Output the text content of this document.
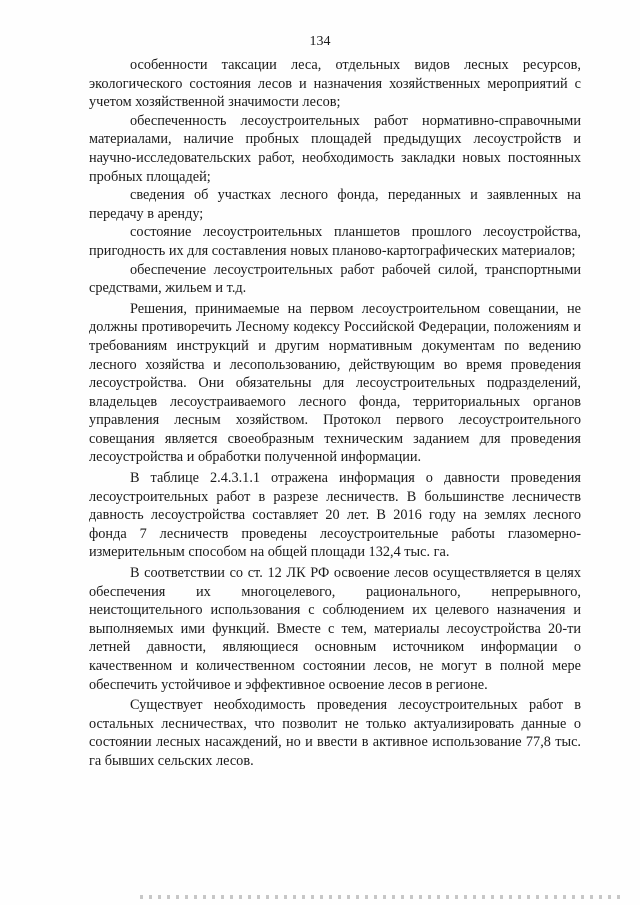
134

особенности таксации леса, отдельных видов лесных ресурсов, экологического состояния лесов и назначения хозяйственных мероприятий с учетом хозяйственной значимости лесов;

обеспеченность лесоустроительных работ нормативно-справочными материалами, наличие пробных площадей предыдущих лесоустройств и научно-исследовательских работ, необходимость закладки новых постоянных пробных площадей;

сведения об участках лесного фонда, переданных и заявленных на передачу в аренду;

состояние лесоустроительных планшетов прошлого лесоустройства, пригодность их для составления новых планово-картографических материалов;

обеспечение лесоустроительных работ рабочей силой, транспортными средствами, жильем и т.д.

Решения, принимаемые на первом лесоустроительном совещании, не должны противоречить Лесному кодексу Российской Федерации, положениям и требованиям инструкций и другим нормативным документам по ведению лесного хозяйства и лесопользованию, действующим во время проведения лесоустройства. Они обязательны для лесоустроительных подразделений, владельцев лесоустраиваемого лесного фонда, территориальных органов управления лесным хозяйством. Протокол первого лесоустроительного совещания является своеобразным техническим заданием для проведения лесоустройства и обработки полученной информации.

В таблице 2.4.3.1.1 отражена информация о давности проведения лесоустроительных работ в разрезе лесничеств. В большинстве лесничеств давность лесоустройства составляет 20 лет. В 2016 году на землях лесного фонда 7 лесничеств проведены лесоустроительные работы глазомерно-измерительным способом на общей площади 132,4 тыс. га.

В соответствии со ст. 12 ЛК РФ освоение лесов осуществляется в целях обеспечения их многоцелевого, рационального, непрерывного, неистощительного использования с соблюдением их целевого назначения и выполняемых ими функций. Вместе с тем, материалы лесоустройства 20-ти летней давности, являющиеся основным источником информации о качественном и количественном состоянии лесов, не могут в полной мере обеспечить устойчивое и эффективное освоение лесов в регионе.

Существует необходимость проведения лесоустроительных работ в остальных лесничествах, что позволит не только актуализировать данные о состоянии лесных насаждений, но и ввести в активное использование 77,8 тыс. га бывших сельских лесов.
